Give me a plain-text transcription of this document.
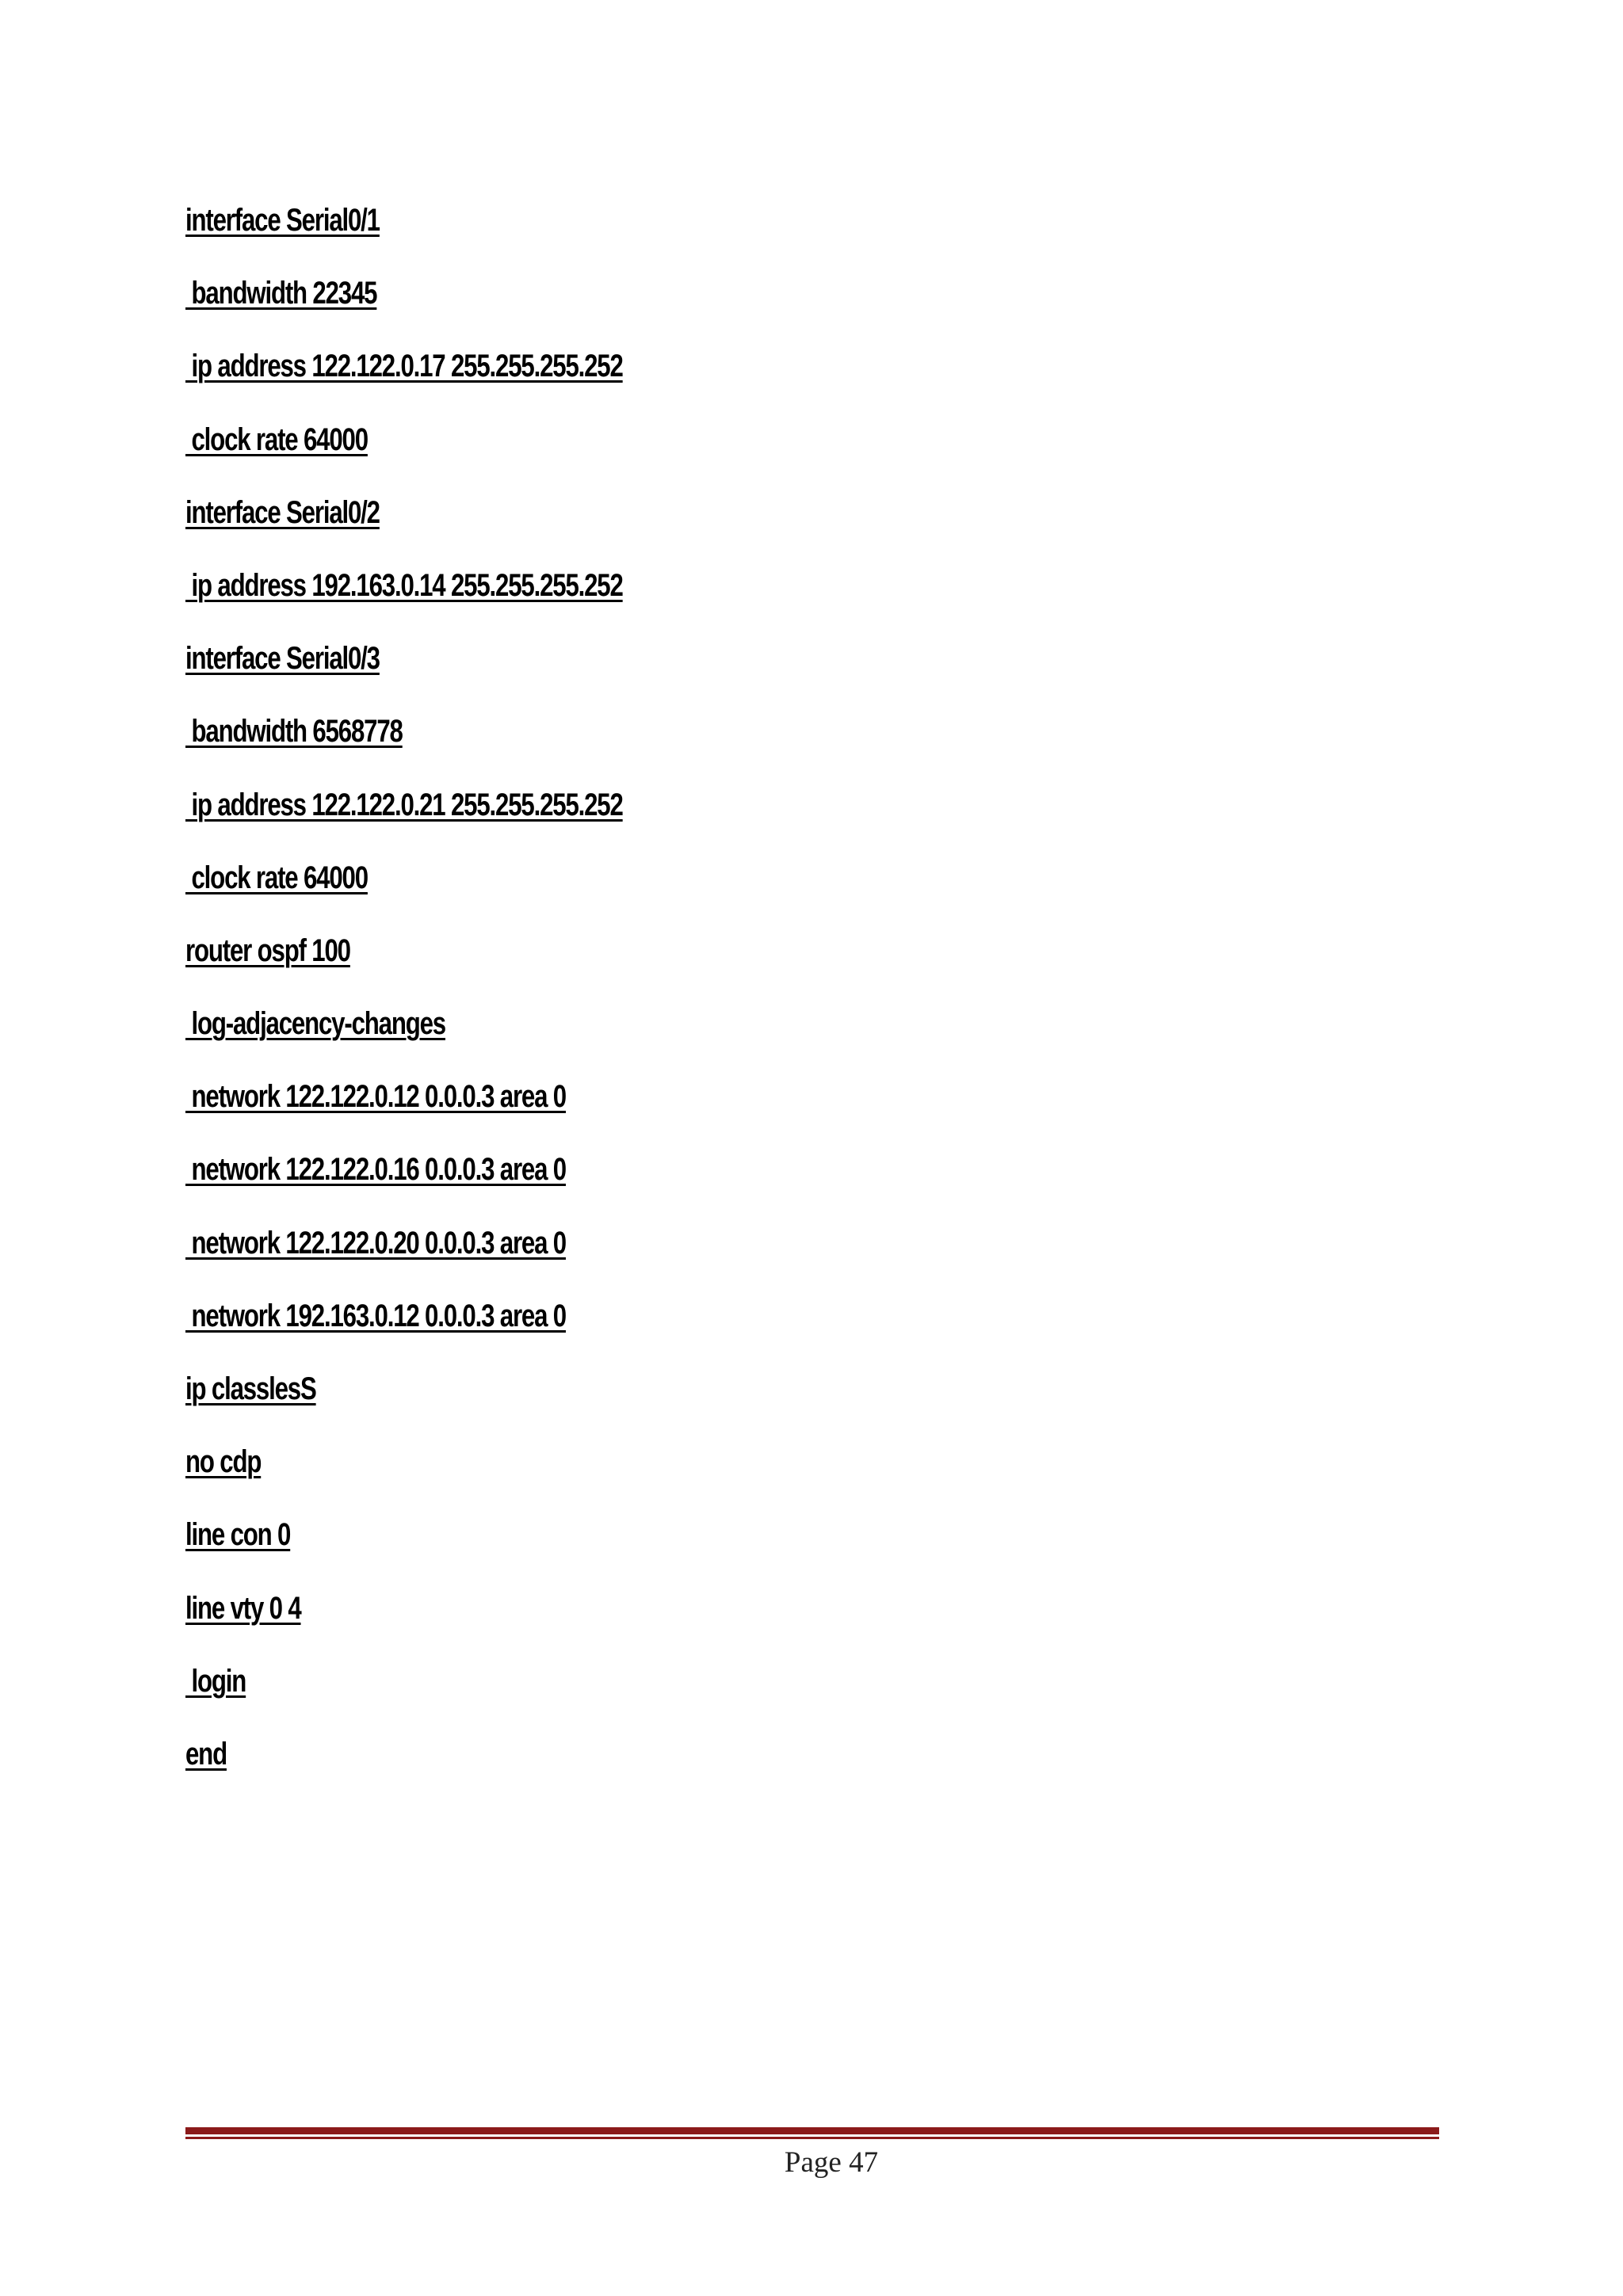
interface Serial0/1
bandwidth 22345
ip address 122.122.0.17 255.255.255.252
clock rate 64000
interface Serial0/2
ip address 192.163.0.14 255.255.255.252
interface Serial0/3
bandwidth 6568778
ip address 122.122.0.21 255.255.255.252
clock rate 64000
router ospf 100
log-adjacency-changes
network 122.122.0.12 0.0.0.3 area 0
network 122.122.0.16 0.0.0.3 area 0
network 122.122.0.20 0.0.0.3 area 0
network 192.163.0.12 0.0.0.3 area 0
ip classlesS
no cdp
line con 0
line vty 0 4
login
end
Page 47
